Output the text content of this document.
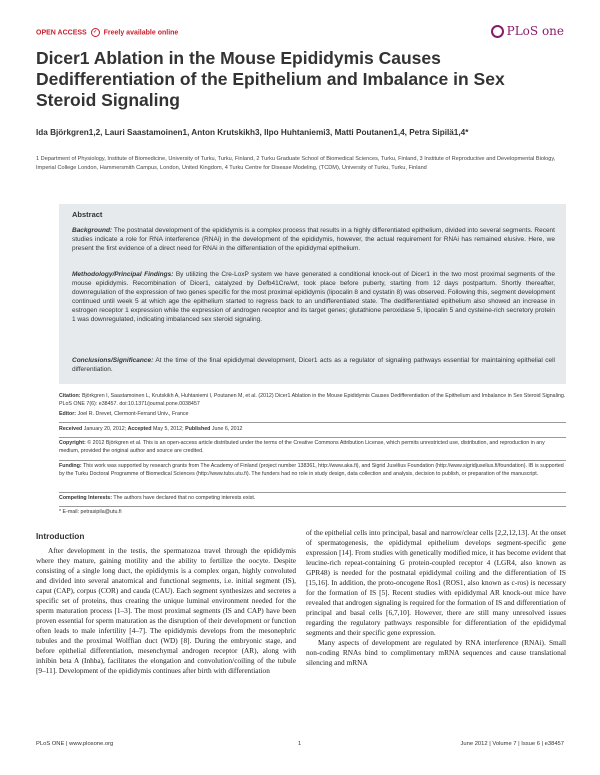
OPEN ACCESS ✓ Freely available online	PLoS one
Dicer1 Ablation in the Mouse Epididymis Causes Dedifferentiation of the Epithelium and Imbalance in Sex Steroid Signaling
Ida Björkgren1,2, Lauri Saastamoinen1, Anton Krutskikh3, Ilpo Huhtaniemi3, Matti Poutanen1,4, Petra Sipilä1,4*
1 Department of Physiology, Institute of Biomedicine, University of Turku, Turku, Finland, 2 Turku Graduate School of Biomedical Sciences, Turku, Finland, 3 Institute of Reproductive and Developmental Biology, Imperial College London, Hammersmith Campus, London, United Kingdom, 4 Turku Centre for Disease Modeling, (TCDM), University of Turku, Turku, Finland
Abstract
Background: The postnatal development of the epididymis is a complex process that results in a highly differentiated epithelium, divided into several segments. Recent studies indicate a role for RNA interference (RNAi) in the development of the epididymis, however, the actual requirement for RNAi has remained elusive. Here, we present the first evidence of a direct need for RNAi in the differentiation of the epididymal epithelium.
Methodology/Principal Findings: By utilizing the Cre-LoxP system we have generated a conditional knock-out of Dicer1 in the two most proximal segments of the mouse epididymis. Recombination of Dicer1, catalyzed by Defb41Cre/wt, took place before puberty, starting from 12 days postpartum. Shortly thereafter, downregulation of the expression of two genes specific for the most proximal epididymis (lipocalin 8 and cystatin 8) was observed. Following this, segment development continued until week 5 at which age the epithelium started to regress back to an undifferentiated state. The dedifferentiated epithelium also showed an increase in estrogen receptor 1 expression while the expression of androgen receptor and its target genes; glutathione peroxidase 5, lipocalin 5 and cysteine-rich secretory protein 1 was downregulated, indicating imbalanced sex steroid signaling.
Conclusions/Significance: At the time of the final epididymal development, Dicer1 acts as a regulator of signaling pathways essential for maintaining epithelial cell differentiation.
Citation: Björkgren I, Saastamoinen L, Krutskikh A, Huhtaniemi I, Poutanen M, et al. (2012) Dicer1 Ablation in the Mouse Epididymis Causes Dedifferentiation of the Epithelium and Imbalance in Sex Steroid Signaling. PLoS ONE 7(6): e38457. doi:10.1371/journal.pone.0038457
Editor: Joel R. Drevet, Clermont-Ferrand Univ., France
Received January 20, 2012; Accepted May 5, 2012; Published June 6, 2012
Copyright: © 2012 Björkgren et al. This is an open-access article distributed under the terms of the Creative Commons Attribution License, which permits unrestricted use, distribution, and reproduction in any medium, provided the original author and source are credited.
Funding: This work was supported by research grants from The Academy of Finland (project number 138361, http://www.aka.fi), and Sigrid Jusélius Foundation (http://www.sigridjuselius.fi/foundation). IB is supported by the Turku Doctoral Programme of Biomedical Sciences (http://www.tubs.utu.fi). The funders had no role in study design, data collection and analysis, decision to publish, or preparation of the manuscript.
Competing Interests: The authors have declared that no competing interests exist.
* E-mail: petrasipila@utu.fi
Introduction

After development in the testis, the spermatozoa travel through the epididymis where they mature, gaining motility and the ability to fertilize the oocyte. Despite consisting of a single long duct, the epididymis is a complex organ, highly convoluted and divided into several anatomical and functional segments, i.e. initial segment (IS), caput (CAP), corpus (COR) and cauda (CAU). Each segment synthesizes and secretes a specific set of proteins, thus creating the unique luminal environment needed for the sperm maturation process [1–3]. The most proximal segments (IS and CAP) have been proven essential for sperm maturation as the disruption of their development or function often leads to male infertility [4–7]. The epididymis develops from the mesonephric tubules and the proximal Wolffian duct (WD) [8]. During the embryonic stage, and before epithelial differentiation, mesenchymal androgen receptor (AR), along with inhibin beta A (Inhba), facilitates the elongation and convolution/coiling of the tubule [9–11]. Development of the epididymis continues after birth with differentiation

of the epithelial cells into principal, basal and narrow/clear cells [2,2,12,13]. At the onset of spermatogenesis, the epididymal epithelium develops segment-specific gene expression [14]. From studies with genetically modified mice, it has become evident that leucine-rich repeat-containing G protein-coupled receptor 4 (LGR4, also known as GPR48) is needed for the postnatal epididymal coiling and the differentiation of IS [15,16]. In addition, the proto-oncogene Ros1 (ROS1, also known as c-ros) is necessary for the formation of IS [5]. Recent studies with epididymal AR knock-out mice have revealed that androgen signaling is required for the formation of IS and differentiation of principal and basal cells [6,7,10]. However, there are still many unresolved issues regarding the regulatory pathways responsible for differentiation of the epididymal segments and their specific gene expression.

Many aspects of development are regulated by RNA interference (RNAi). Small non-coding RNAs bind to complimentary mRNA sequences and cause translational silencing and mRNA

PLoS ONE | www.plosone.org	1	June 2012 | Volume 7 | Issue 6 | e38457
